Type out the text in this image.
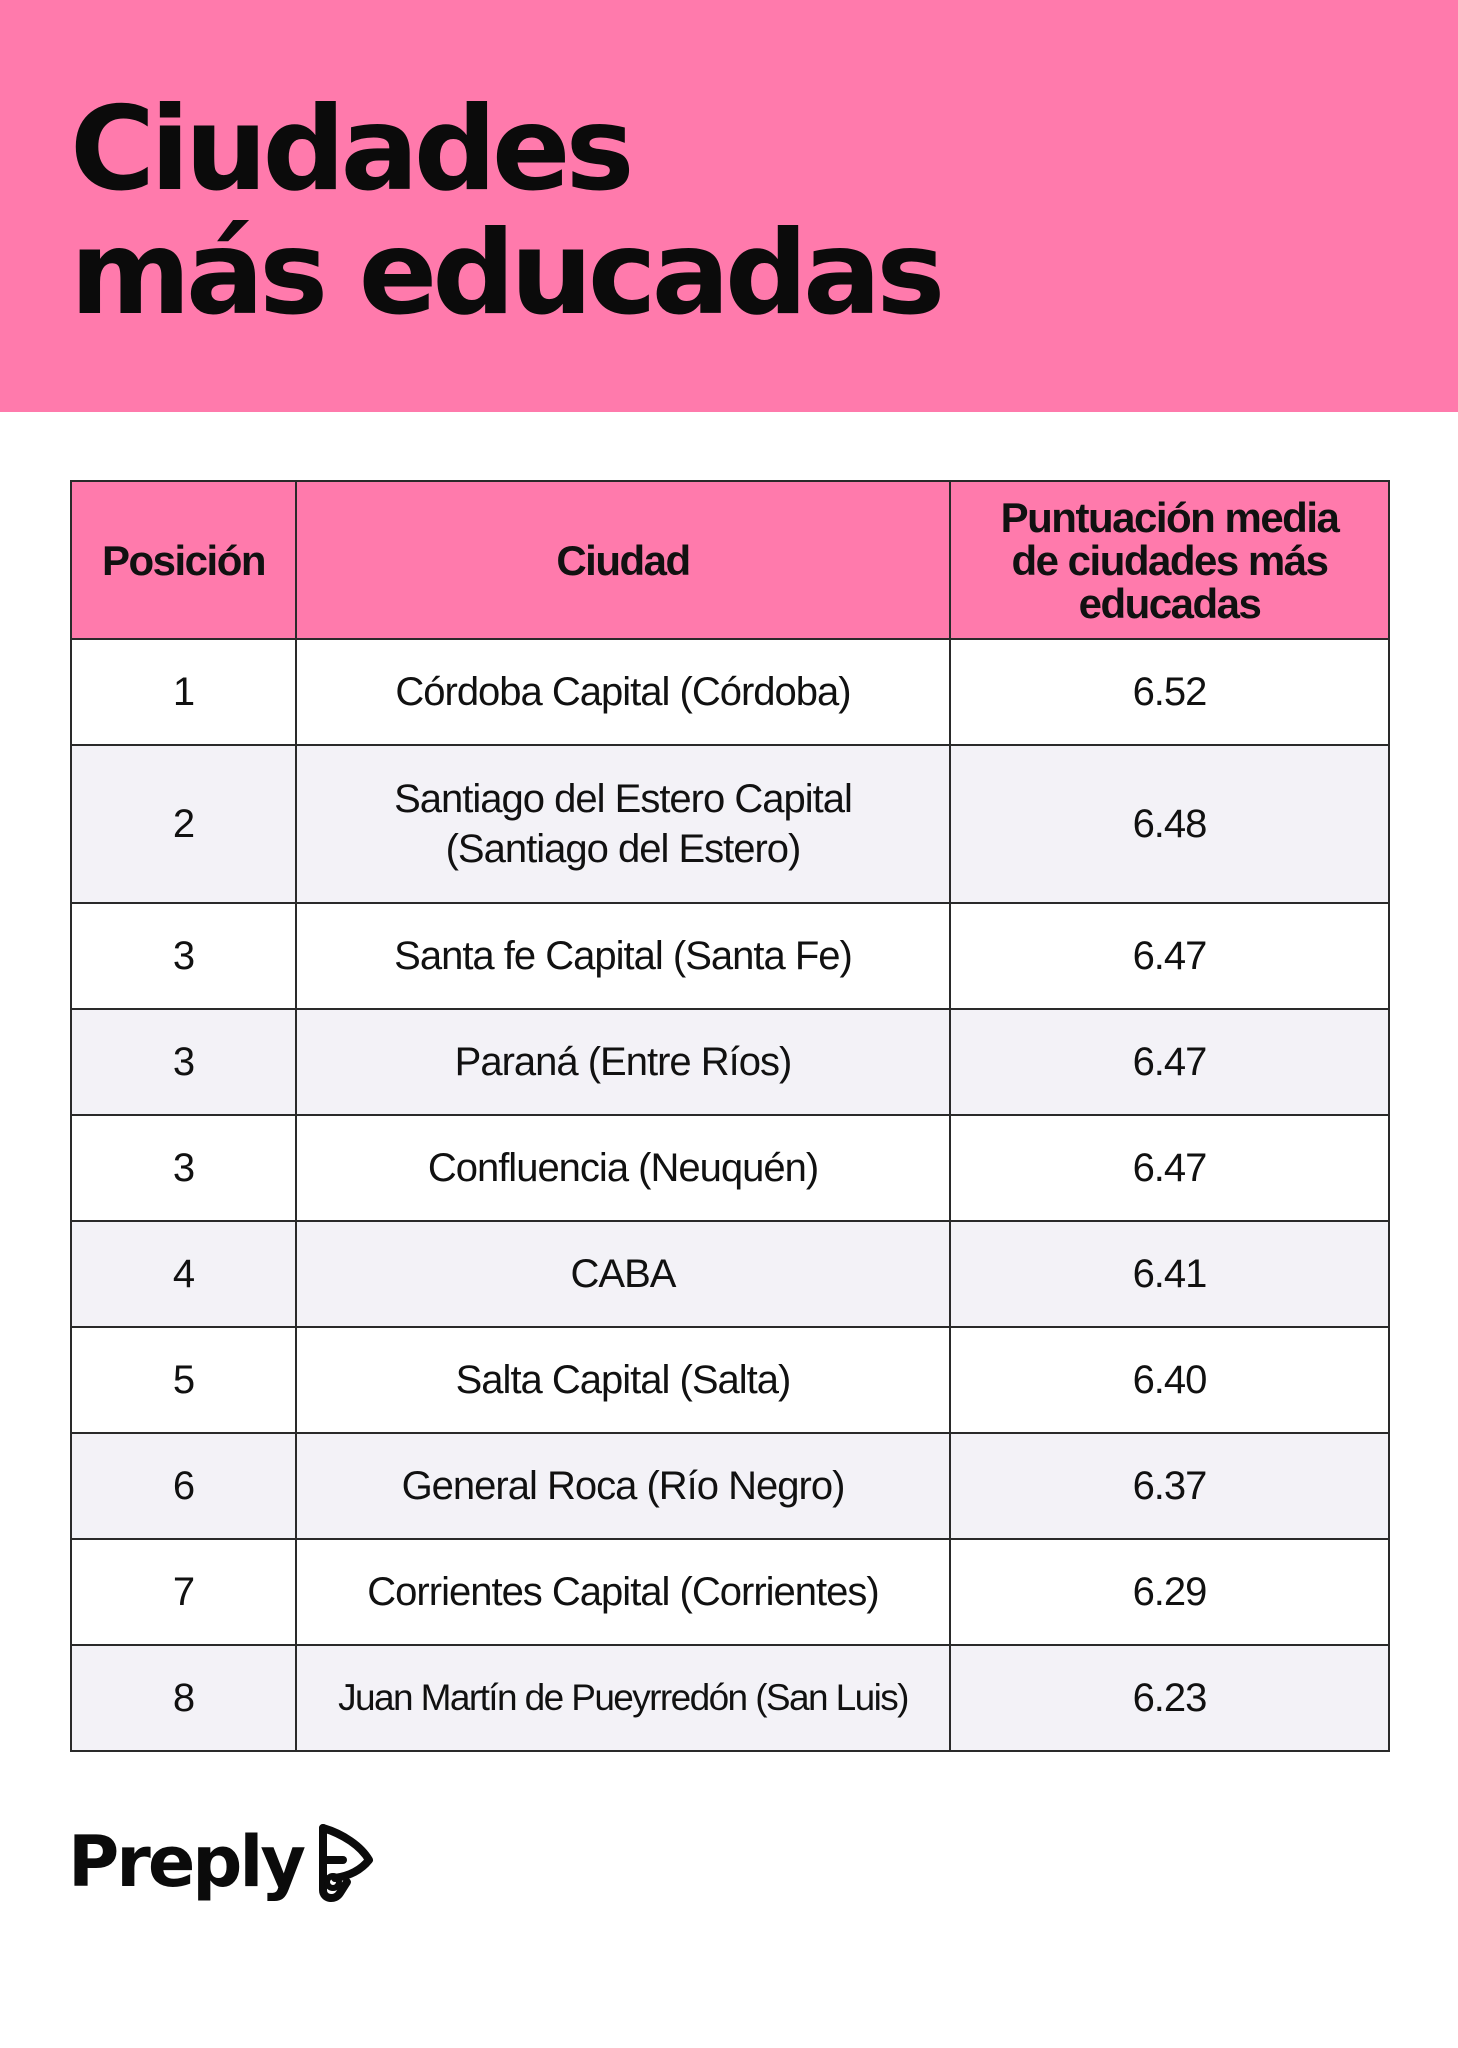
Ciudades
más educadas
Posición	Ciudad	Puntuación media de ciudades más educadas
1	Córdoba Capital (Córdoba)	6.52
2	Santiago del Estero Capital (Santiago del Estero)	6.48
3	Santa fe Capital (Santa Fe)	6.47
3	Paraná (Entre Ríos)	6.47
3	Confluencia (Neuquén)	6.47
4	CABA	6.41
5	Salta Capital (Salta)	6.40
6	General Roca (Río Negro)	6.37
7	Corrientes Capital (Corrientes)	6.29
8	Juan Martín de Pueyrredón (San Luis)	6.23
Preply
